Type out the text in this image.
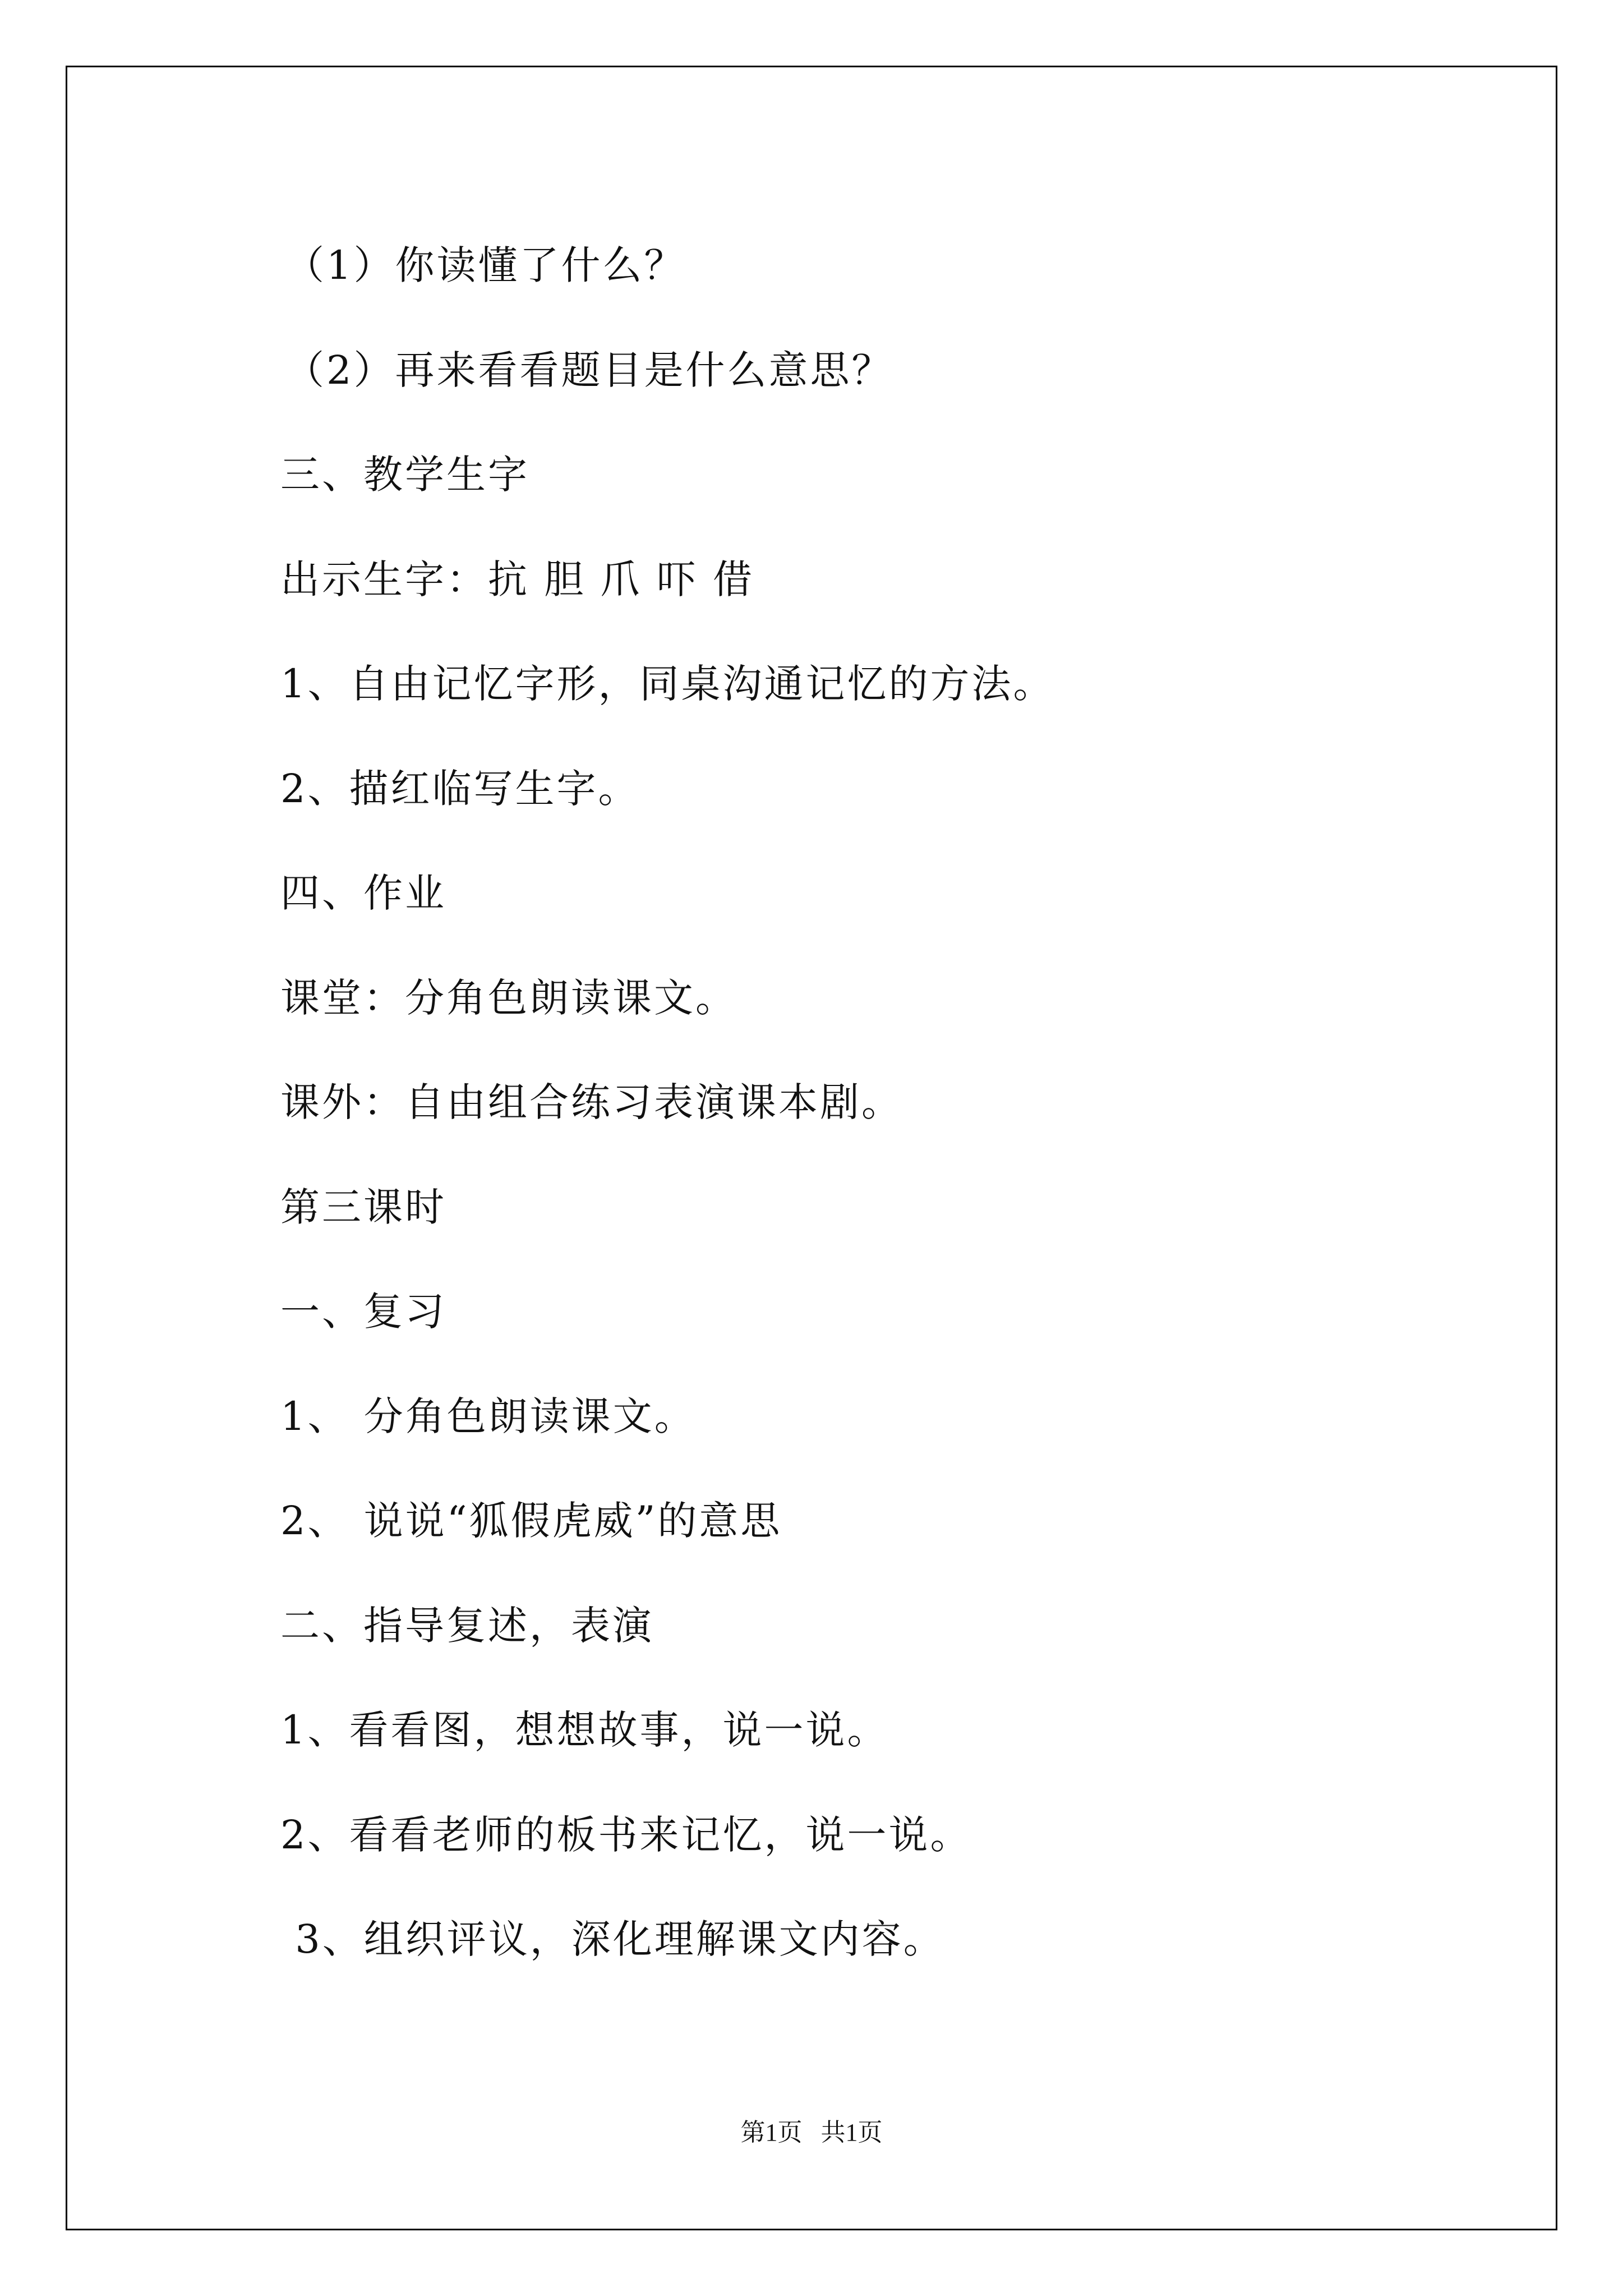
（1）你读懂了什么？
（2）再来看看题目是什么意思？
三、教学生字
出示生字：抗 胆 爪 吓 借
1、自由记忆字形，同桌沟通记忆的方法。
2、描红临写生字。
四、作业
课堂：分角色朗读课文。
课外：自由组合练习表演课本剧。
第三课时
一、复习
1、 分角色朗读课文。
2、 说说“狐假虎威”的意思
二、指导复述，表演
1、看看图，想想故事，说一说。
2、看看老师的板书来记忆，说一说。
3、组织评议，深化理解课文内容。
第1页   共1页
